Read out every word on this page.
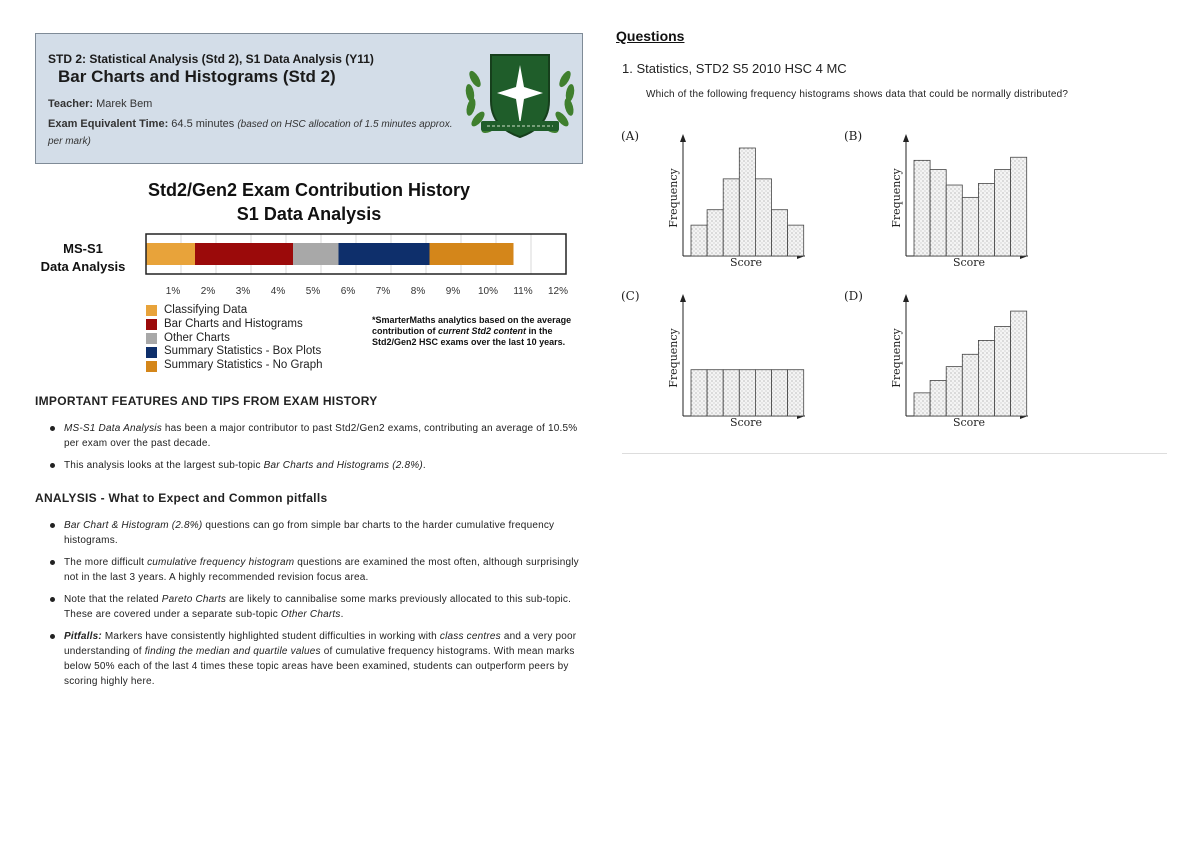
STD 2: Statistical Analysis (Std 2), S1 Data Analysis (Y11)
Bar Charts and Histograms (Std 2)
Teacher: Marek Bem
Exam Equivalent Time: 64.5 minutes (based on HSC allocation of 1.5 minutes approx. per mark)
Std2/Gen2 Exam Contribution History
S1 Data Analysis
MS-S1
Data Analysis
1% 2% 3% 4% 5% 6% 7% 8% 9% 10% 11% 12%
Classifying Data
Bar Charts and Histograms
Other Charts
Summary Statistics - Box Plots
Summary Statistics - No Graph
*SmarterMaths analytics based on the average contribution of current Std2 content in the Std2/Gen2 HSC exams over the last 10 years.
IMPORTANT FEATURES AND TIPS FROM EXAM HISTORY
MS-S1 Data Analysis has been a major contributor to past Std2/Gen2 exams, contributing an average of 10.5% per exam over the past decade.
This analysis looks at the largest sub-topic Bar Charts and Histograms (2.8%).
ANALYSIS - What to Expect and Common pitfalls
Bar Chart & Histogram (2.8%) questions can go from simple bar charts to the harder cumulative frequency histograms.
The more difficult cumulative frequency histogram questions are examined the most often, although surprisingly not in the last 3 years. A highly recommended revision focus area.
Note that the related Pareto Charts are likely to cannibalise some marks previously allocated to this sub-topic. These are covered under a separate sub-topic Other Charts.
Pitfalls: Markers have consistently highlighted student difficulties in working with class centres and a very poor understanding of finding the median and quartile values of cumulative frequency histograms. With mean marks below 50% each of the last 4 times these topic areas have been examined, students can outperform peers by scoring highly here.
Questions
1. Statistics, STD2 S5 2010 HSC 4 MC
Which of the following frequency histograms shows data that could be normally distributed?
(A)
Score
Frequency
(B)
Score
Frequency
(C)
Score
Frequency
(D)
Score
Frequency
